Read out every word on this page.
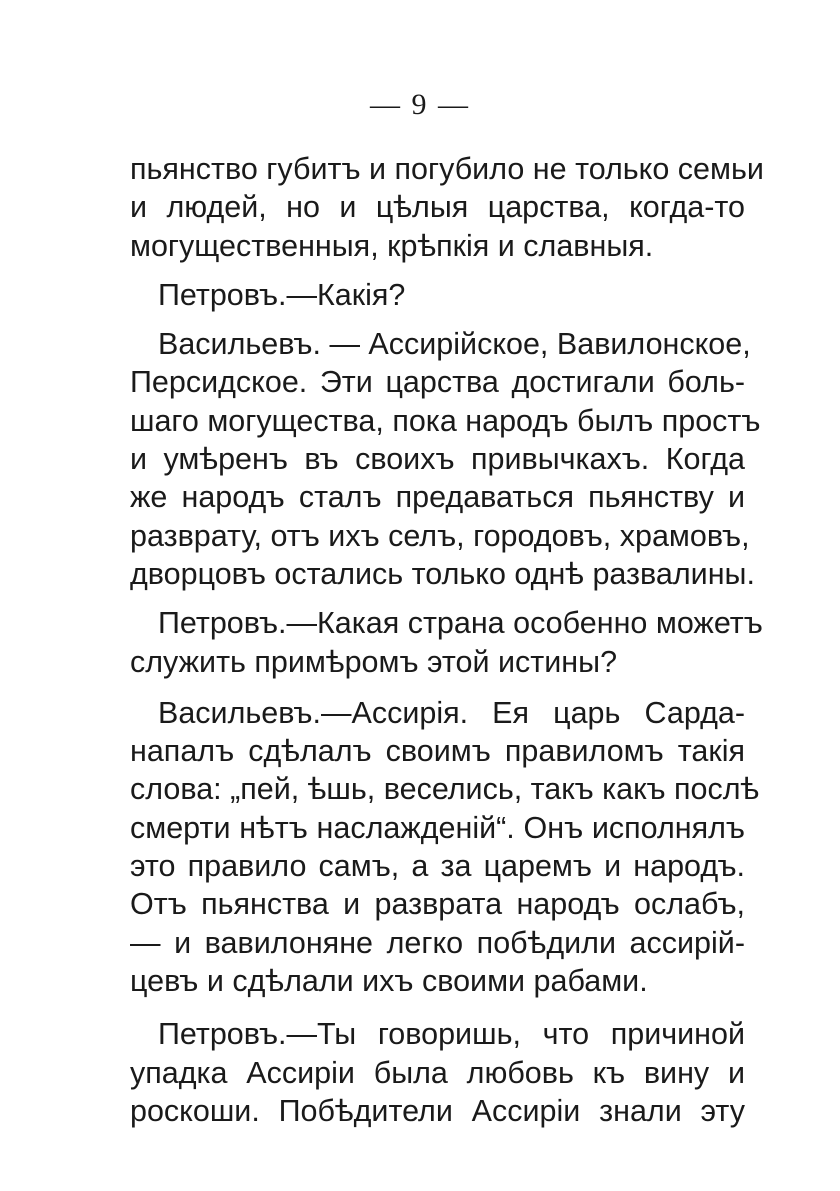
— 9 —
пьянство губитъ и погубило не только семьи
и людей, но и цѣлыя царства, когда-то
могущественныя, крѣпкія и славныя.
Петровъ.—Какія?
Васильевъ. — Ассирійское, Вавилонское,
Персидское. Эти царства достигали боль-
шаго могущества, пока народъ былъ простъ
и умѣренъ въ своихъ привычкахъ. Когда
же народъ сталъ предаваться пьянству и
разврату, отъ ихъ селъ, городовъ, храмовъ,
дворцовъ остались только однѣ развалины.
Петровъ.—Какая страна особенно можетъ
служить примѣромъ этой истины?
Васильевъ.—Ассирія. Ея царь Сарда-
напалъ сдѣлалъ своимъ правиломъ такія
слова: „пей, ѣшь, веселись, такъ какъ послѣ
смерти нѣтъ наслажденій“. Онъ исполнялъ
это правило самъ, а за царемъ и народъ.
Отъ пьянства и разврата народъ ослабъ,
— и вавилоняне легко побѣдили ассирій-
цевъ и сдѣлали ихъ своими рабами.
Петровъ.—Ты говоришь, что причиной
упадка Ассиріи была любовь къ вину и
роскоши. Побѣдители Ассиріи знали эту
